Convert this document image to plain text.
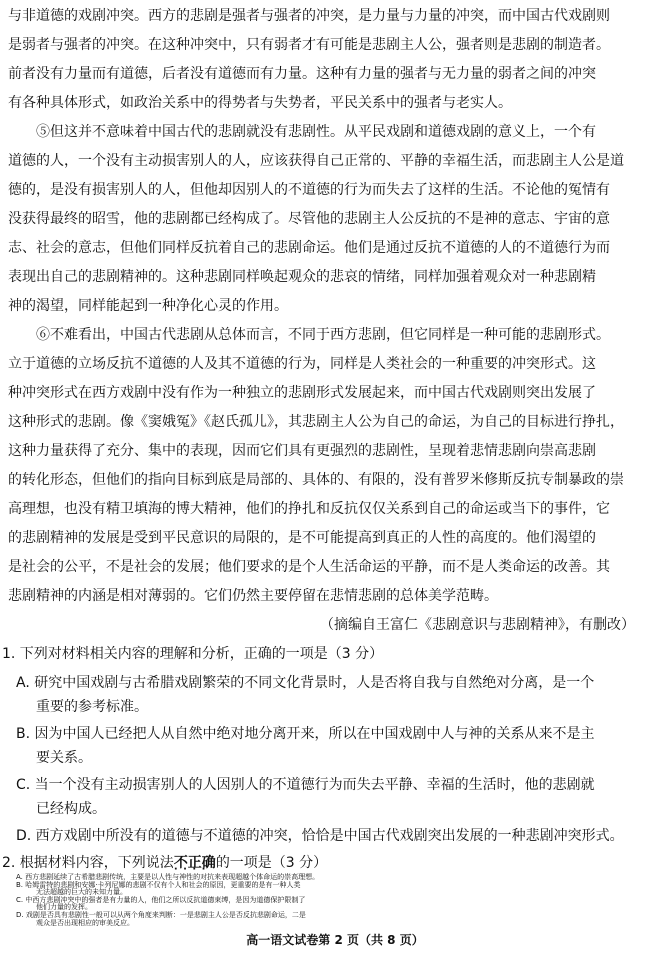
与非道德的戏剧冲突。西方的悲剧是强者与强者的冲突，是力量与力量的冲突，而中国古代戏剧则
是弱者与强者的冲突。在这种冲突中，只有弱者才有可能是悲剧主人公，强者则是悲剧的制造者。
前者没有力量而有道德，后者没有道德而有力量。这种有力量的强者与无力量的弱者之间的冲突
有各种具体形式，如政治关系中的得势者与失势者，平民关系中的强者与老实人。
⑤但这并不意味着中国古代的悲剧就没有悲剧性。从平民戏剧和道德戏剧的意义上，一个有
道德的人，一个没有主动损害别人的人，应该获得自己正常的、平静的幸福生活，而悲剧主人公是道
德的，是没有损害别人的人，但他却因别人的不道德的行为而失去了这样的生活。不论他的冤情有
没获得最终的昭雪，他的悲剧都已经构成了。尽管他的悲剧主人公反抗的不是神的意志、宇宙的意
志、社会的意志，但他们同样反抗着自己的悲剧命运。他们是通过反抗不道德的人的不道德行为而
表现出自己的悲剧精神的。这种悲剧同样唤起观众的悲哀的情绪，同样加强着观众对一种悲剧精
神的渴望，同样能起到一种净化心灵的作用。
⑥不难看出，中国古代悲剧从总体而言，不同于西方悲剧，但它同样是一种可能的悲剧形式。
立于道德的立场反抗不道德的人及其不道德的行为，同样是人类社会的一种重要的冲突形式。这
种冲突形式在西方戏剧中没有作为一种独立的悲剧形式发展起来，而中国古代戏剧则突出发展了
这种形式的悲剧。像《窦娥冤》《赵氏孤儿》，其悲剧主人公为自己的命运，为自己的目标进行挣扎，
这种力量获得了充分、集中的表现，因而它们具有更强烈的悲剧性，呈现着悲情悲剧向崇高悲剧
的转化形态，但他们的指向目标到底是局部的、具体的、有限的，没有普罗米修斯反抗专制暴政的崇
高理想，也没有精卫填海的博大精神，他们的挣扎和反抗仅仅关系到自己的命运或当下的事件，它
的悲剧精神的发展是受到平民意识的局限的，是不可能提高到真正的人性的高度的。他们渴望的
是社会的公平，不是社会的发展；他们要求的是个人生活命运的平静，而不是人类命运的改善。其
悲剧精神的内涵是相对薄弱的。它们仍然主要停留在悲情悲剧的总体美学范畴。
（摘编自王富仁《悲剧意识与悲剧精神》，有删改）
1. 下列对材料相关内容的理解和分析，正确的一项是（3 分）
A. 研究中国戏剧与古希腊戏剧繁荣的不同文化背景时，人是否将自我与自然绝对分离，是一个
重要的参考标准。
B. 因为中国人已经把人从自然中绝对地分离开来，所以在中国戏剧中人与神的关系从来不是主
要关系。
C. 当一个没有主动损害别人的人因别人的不道德行为而失去平静、幸福的生活时，他的悲剧就
已经构成。
D. 西方戏剧中所没有的道德与不道德的冲突，恰恰是中国古代戏剧突出发展的一种悲剧冲突形式。
2. 根据材料内容，下列说法不正确 · · · ·的一项是（3 分）
高一语文试卷第 2 页（共 8 页）
A. 西方悲剧延续了古希腊悲剧传统，主要是以人性与神性的对抗来表现超越个体命运的崇高理想。
B. 哈姆雷特的悲剧和安娜·卡列尼娜的悲剧不仅有个人和社会的原因，更重要的是有一种人类
无法超越的巨大的未知力量。
C. 中西方悲剧冲突中的强者是有力量的人，他们之所以反抗道德束缚，是因为道德保护限制了
他们力量的发挥。
D. 戏剧是否具有悲剧性一般可以从两个角度来判断：一是悲剧主人公是否反抗悲剧命运，二是
观众是否出现相应的审美反应。
